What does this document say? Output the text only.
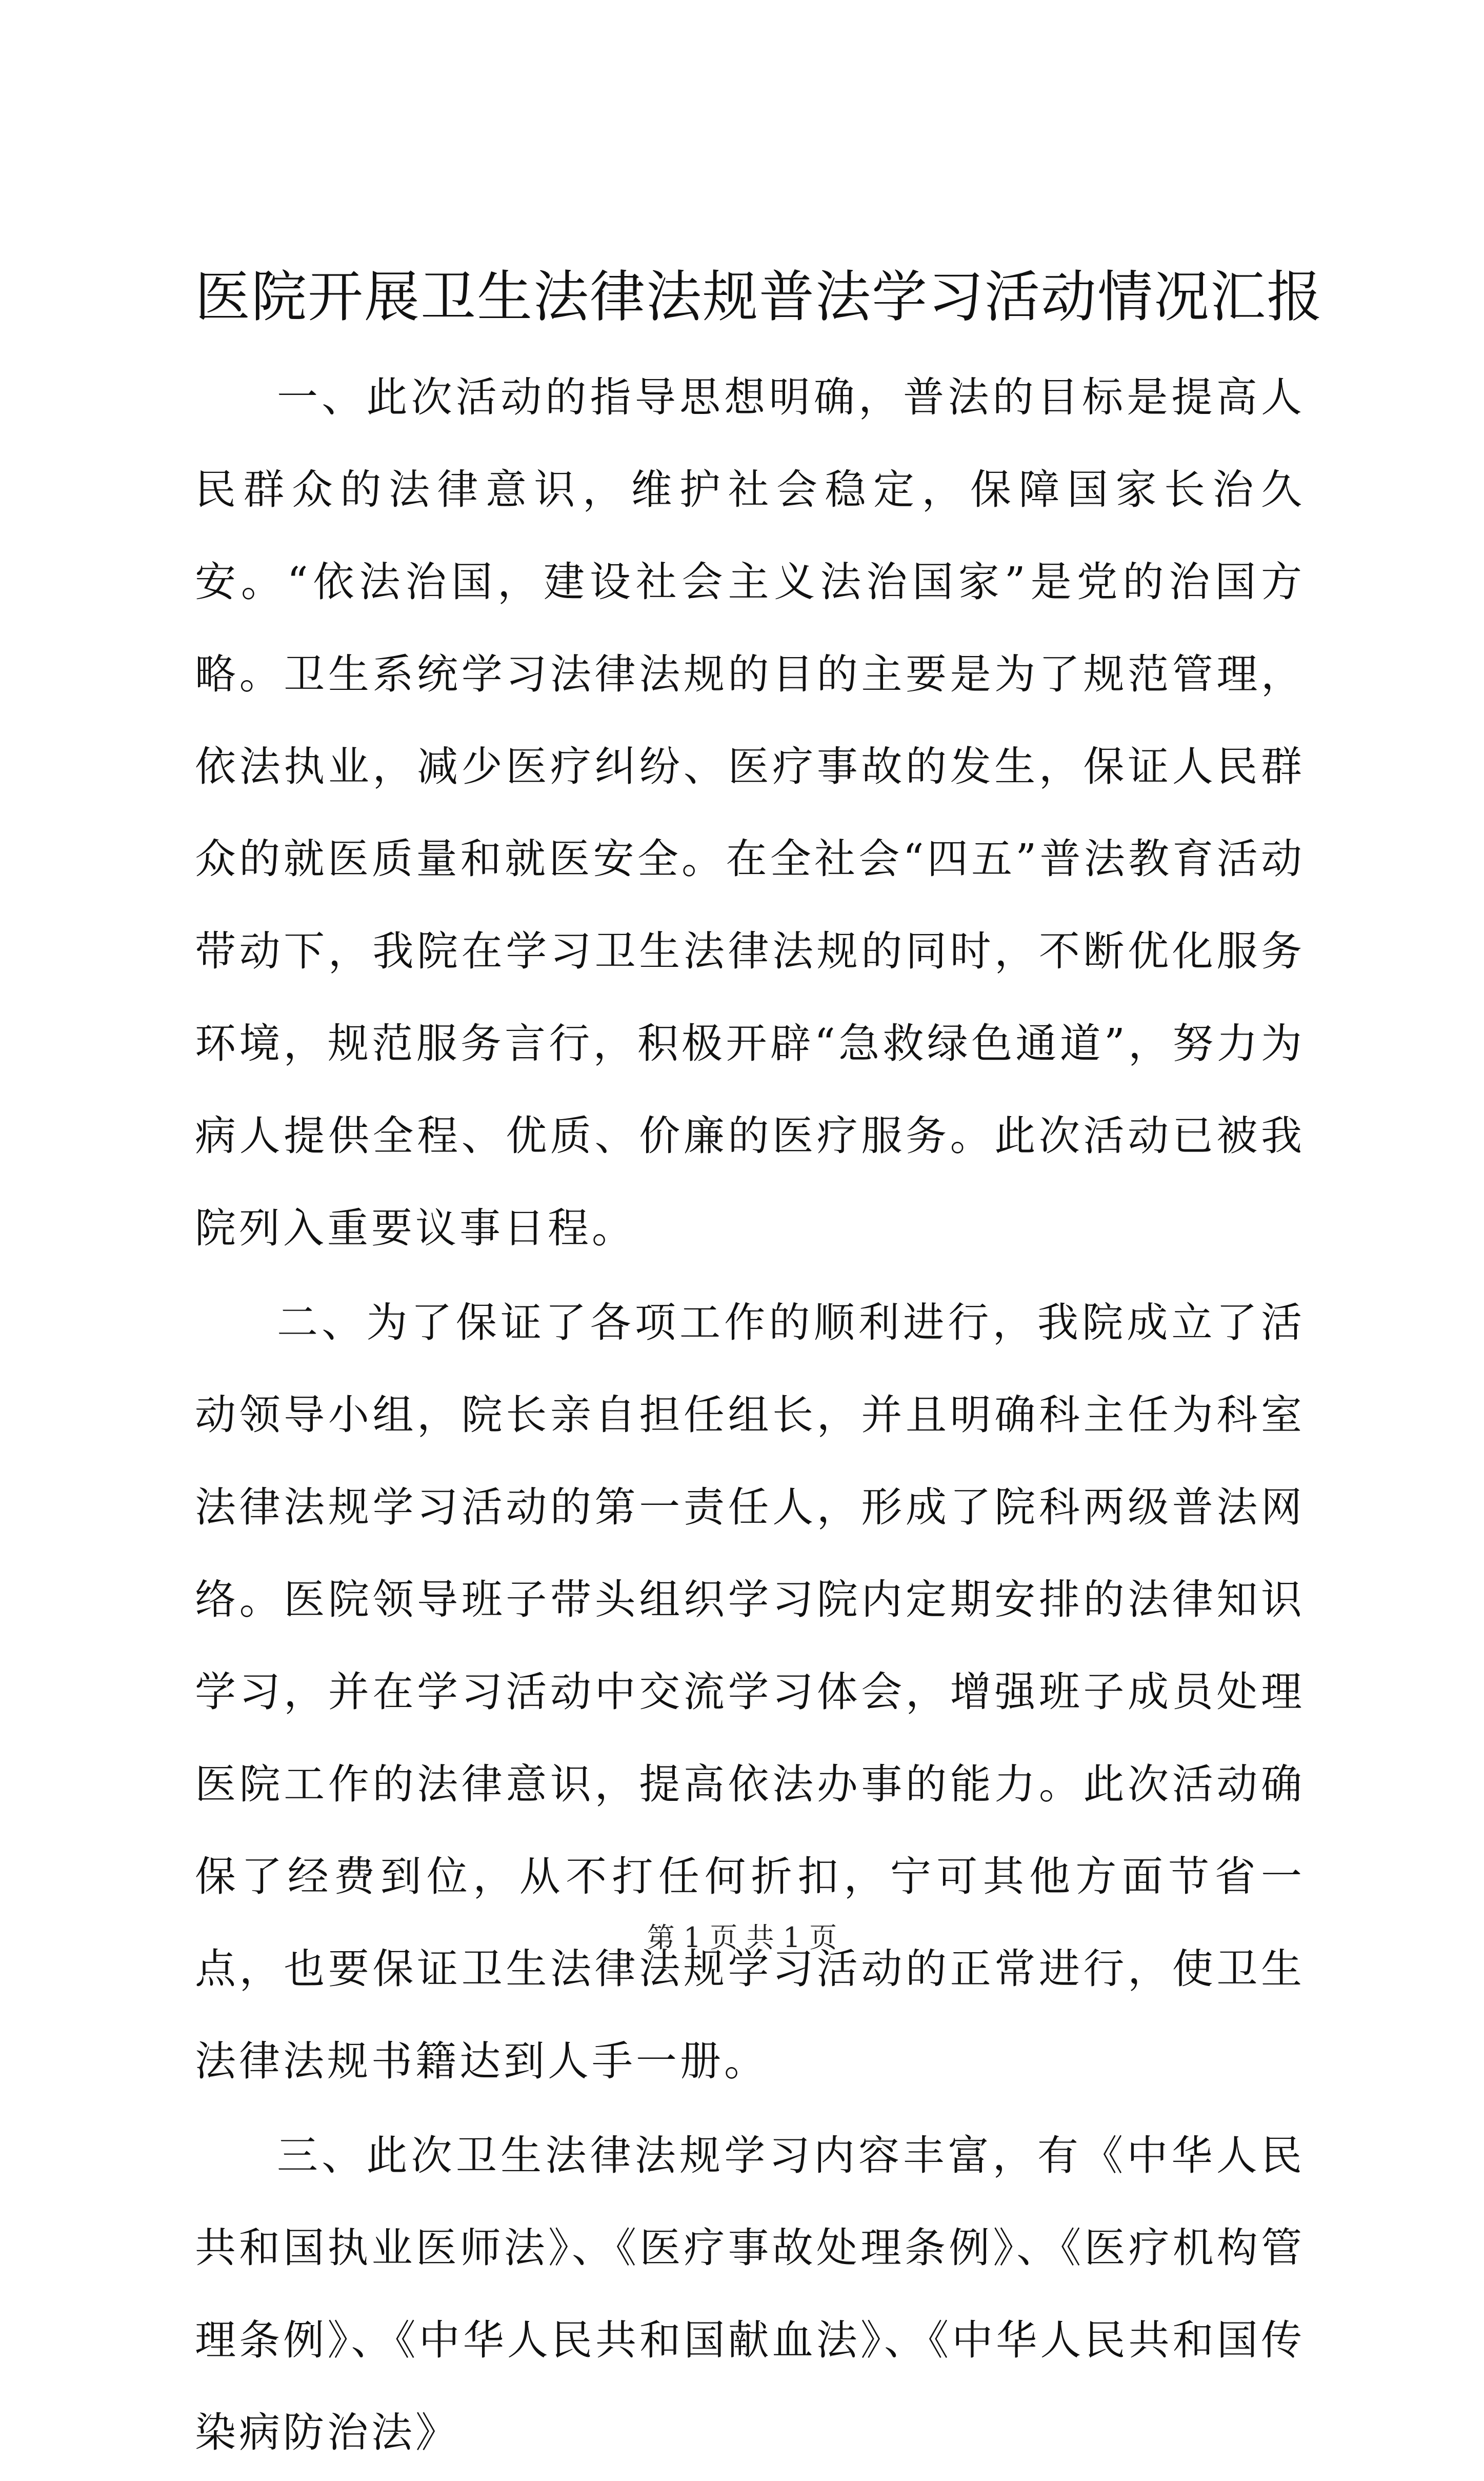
医院开展卫生法律法规普法学习活动情况汇报

一、此次活动的指导思想明确，普法的目标是提高人民群众的法律意识，维护社会稳定，保障国家长治久安。“依法治国，建设社会主义法治国家”是党的治国方略。卫生系统学习法律法规的目的主要是为了规范管理，依法执业，减少医疗纠纷、医疗事故的发生，保证人民群众的就医质量和就医安全。在全社会“四五”普法教育活动带动下，我院在学习卫生法律法规的同时，不断优化服务环境，规范服务言行，积极开辟“急救绿色通道”，努力为病人提供全程、优质、价廉的医疗服务。此次活动已被我院列入重要议事日程。

二、为了保证了各项工作的顺利进行，我院成立了活动领导小组，院长亲自担任组长，并且明确科主任为科室法律法规学习活动的第一责任人，形成了院科两级普法网络。医院领导班子带头组织学习院内定期安排的法律知识学习，并在学习活动中交流学习体会，增强班子成员处理医院工作的法律意识，提高依法办事的能力。此次活动确保了经费到位，从不打任何折扣，宁可其他方面节省一点，也要保证卫生法律法规学习活动的正常进行，使卫生法律法规书籍达到人手一册。

三、此次卫生法律法规学习内容丰富，有《中华人民共和国执业医师法》、《医疗事故处理条例》、《医疗机构管理条例》、《中华人民共和国献血法》、《中华人民共和国传染病防治法》

第 1 页 共 1 页
